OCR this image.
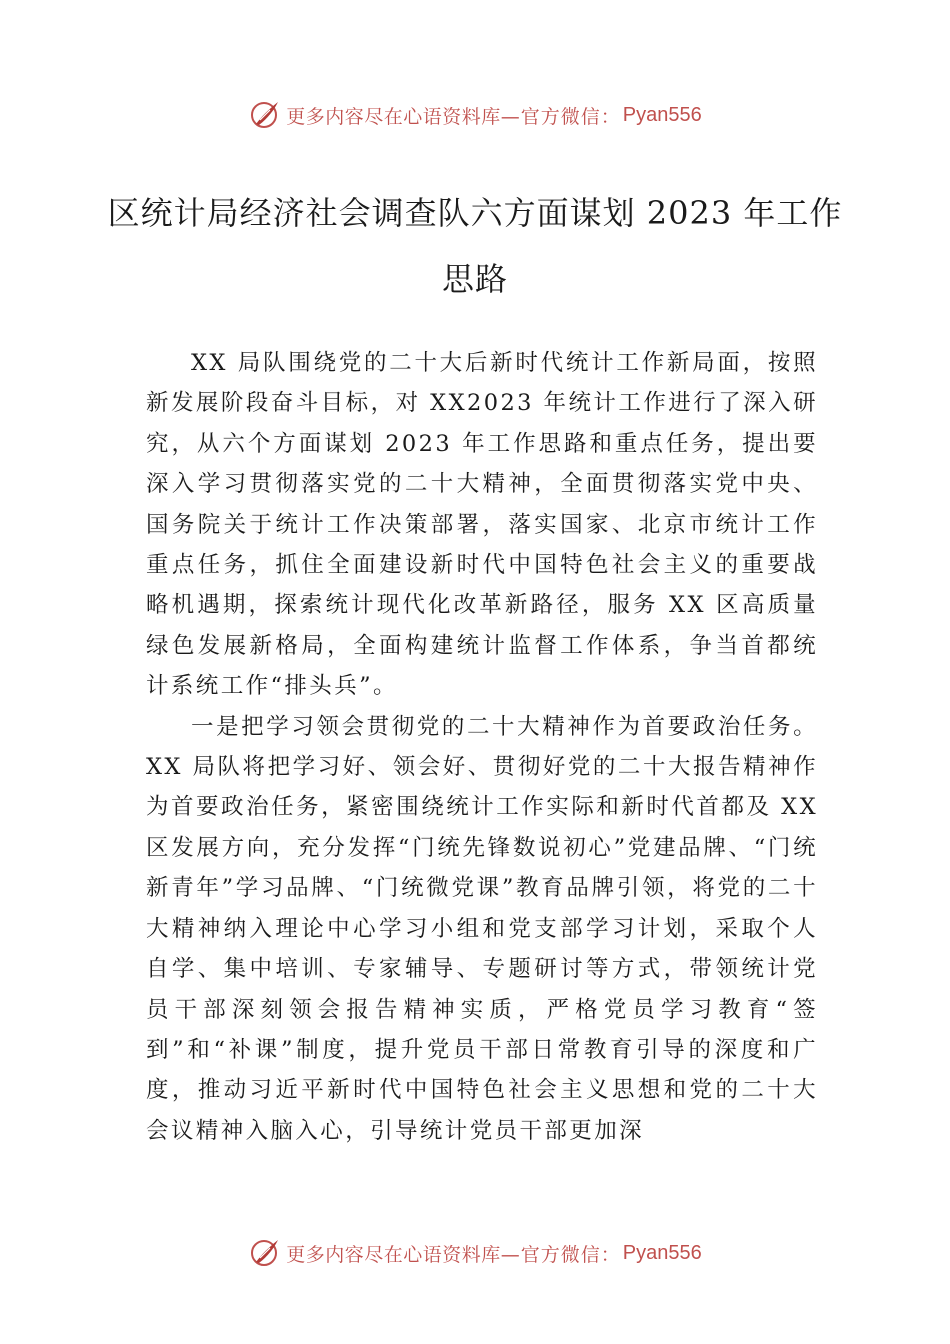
更多内容尽在心语资料库 —官方微信： Pyan556
区统计局经济社会调查队六方面谋划 2023 年工作思路

XX 局队围绕党的二十大后新时代统计工作新局面，按照新发展阶段奋斗目标，对 XX2023 年统计工作进行了深入研究，从六个方面谋划 2023 年工作思路和重点任务，提出要深入学习贯彻落实党的二十大精神，全面贯彻落实党中央、 国务院关于统计工作决策部署，落实国家、北京市统计工作重点任务，抓住全面建设新时代中国特色社会主义的重要战略机遇期，探索统计现代化改革新路径，服务 XX 区高质量绿色发展新格局，全面构建统计监督工作体系，争当首都统计系统工作“排头兵”。

一是把学习领会贯彻党的二十大精神作为首要政治任务。XX 局队将把学习好、领会好、贯彻好党的二十大报告精神作为首要政治任务，紧密围绕统计工作实际和新时代首都及 XX 区发展方向，充分发挥“门统先锋数说初心”党建品牌、“门统新青年”学习品牌、“门统微党课”教育品牌引领，将党的二十大精神纳入理论中心学习小组和党支部学习计划，采取个人自学、集中培训、专家辅导、专题研讨等方式，带领统计党员干部深刻领会报告精神实质，严格党员学习教育“签到”和“补课”制度，提升党员干部日常教育引导的深度和广度，推动习近平新时代中国特色社会主义思想和党的二十大会议精神入脑入心，引导统计党员干部更加深

更多内容尽在心语资料库 —官方微信： Pyan556
